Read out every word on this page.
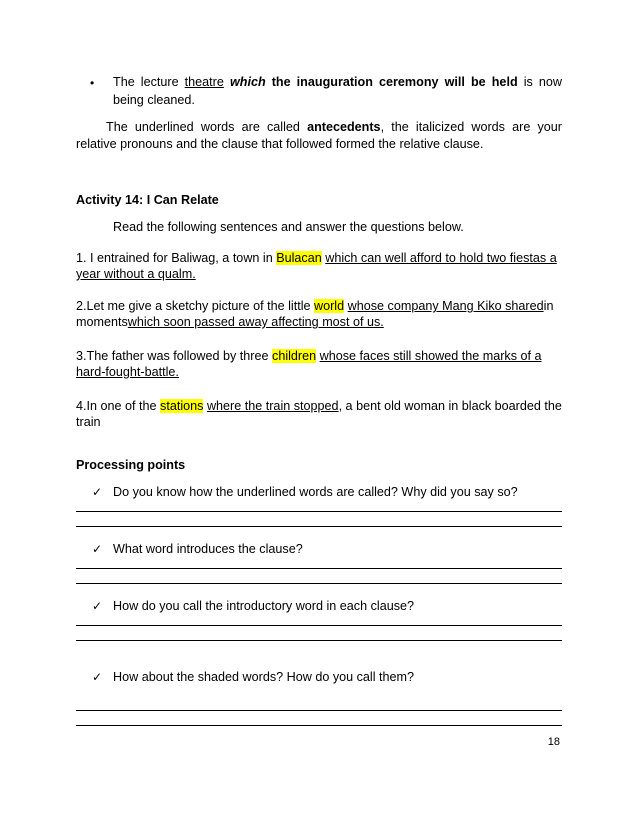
• The lecture theatre which the inauguration ceremony will be held is now
being cleaned.
The underlined words are called antecedents, the italicized words are your
relative pronouns and the clause that followed formed the relative clause.
Activity 14: I Can Relate
Read the following sentences and answer the questions below.
1. I entrained for Baliwag, a town in Bulacan which can well afford to hold two fiestas a
year without a qualm.
2.Let me give a sketchy picture of the little world whose company Mang Kiko sharedin
momentswhich soon passed away affecting most of us.
3.The father was followed by three children whose faces still showed the marks of a
hard-fought-battle.
4.In one of the stations where the train stopped, a bent old woman in black boarded the
train
Processing points
✓ Do you know how the underlined words are called? Why did you say so?
✓ What word introduces the clause?
✓ How do you call the introductory word in each clause?
✓ How about the shaded words? How do you call them?
18
